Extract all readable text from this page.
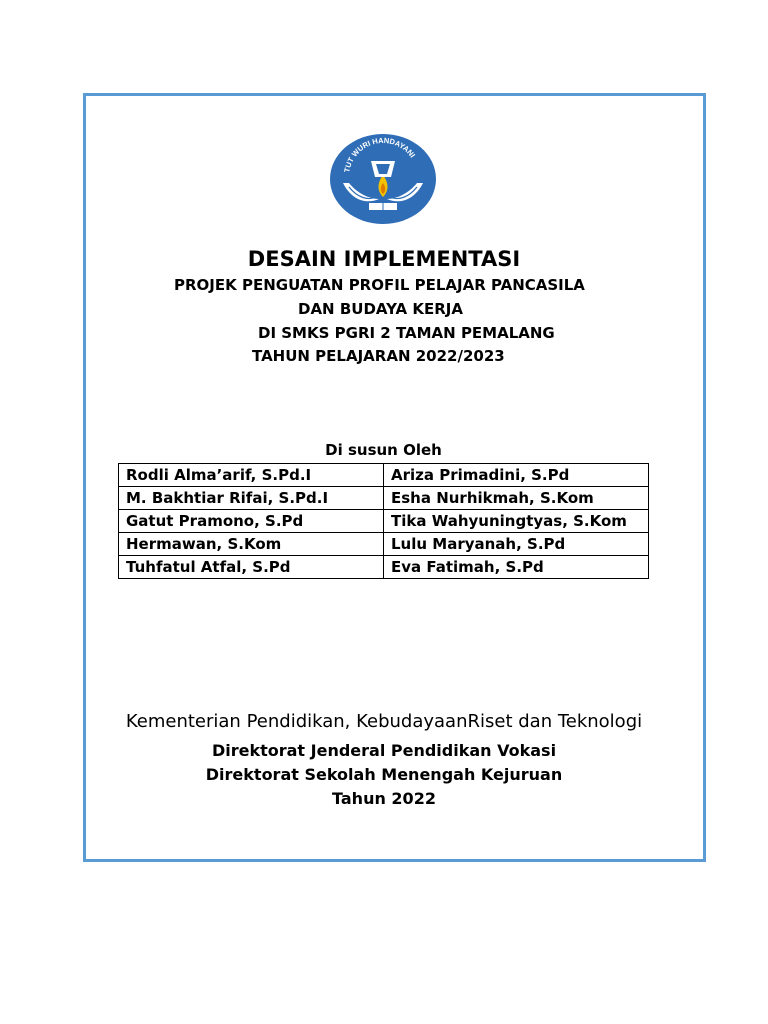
TUT WURI HANDAYANI
DESAIN IMPLEMENTASI
PROJEK PENGUATAN PROFIL PELAJAR PANCASILA
DAN BUDAYA KERJA
DI SMKS PGRI 2 TAMAN PEMALANG
TAHUN PELAJARAN 2022/2023
Di susun Oleh
Rodli Alma’arif, S.Pd.I	Ariza Primadini, S.Pd
M. Bakhtiar Rifai, S.Pd.I	Esha Nurhikmah, S.Kom
Gatut Pramono, S.Pd	Tika Wahyuningtyas, S.Kom
Hermawan, S.Kom	Lulu Maryanah, S.Pd
Tuhfatul Atfal, S.Pd	Eva Fatimah, S.Pd
Kementerian Pendidikan, KebudayaanRiset dan Teknologi
Direktorat Jenderal Pendidikan Vokasi
Direktorat Sekolah Menengah Kejuruan
Tahun 2022
